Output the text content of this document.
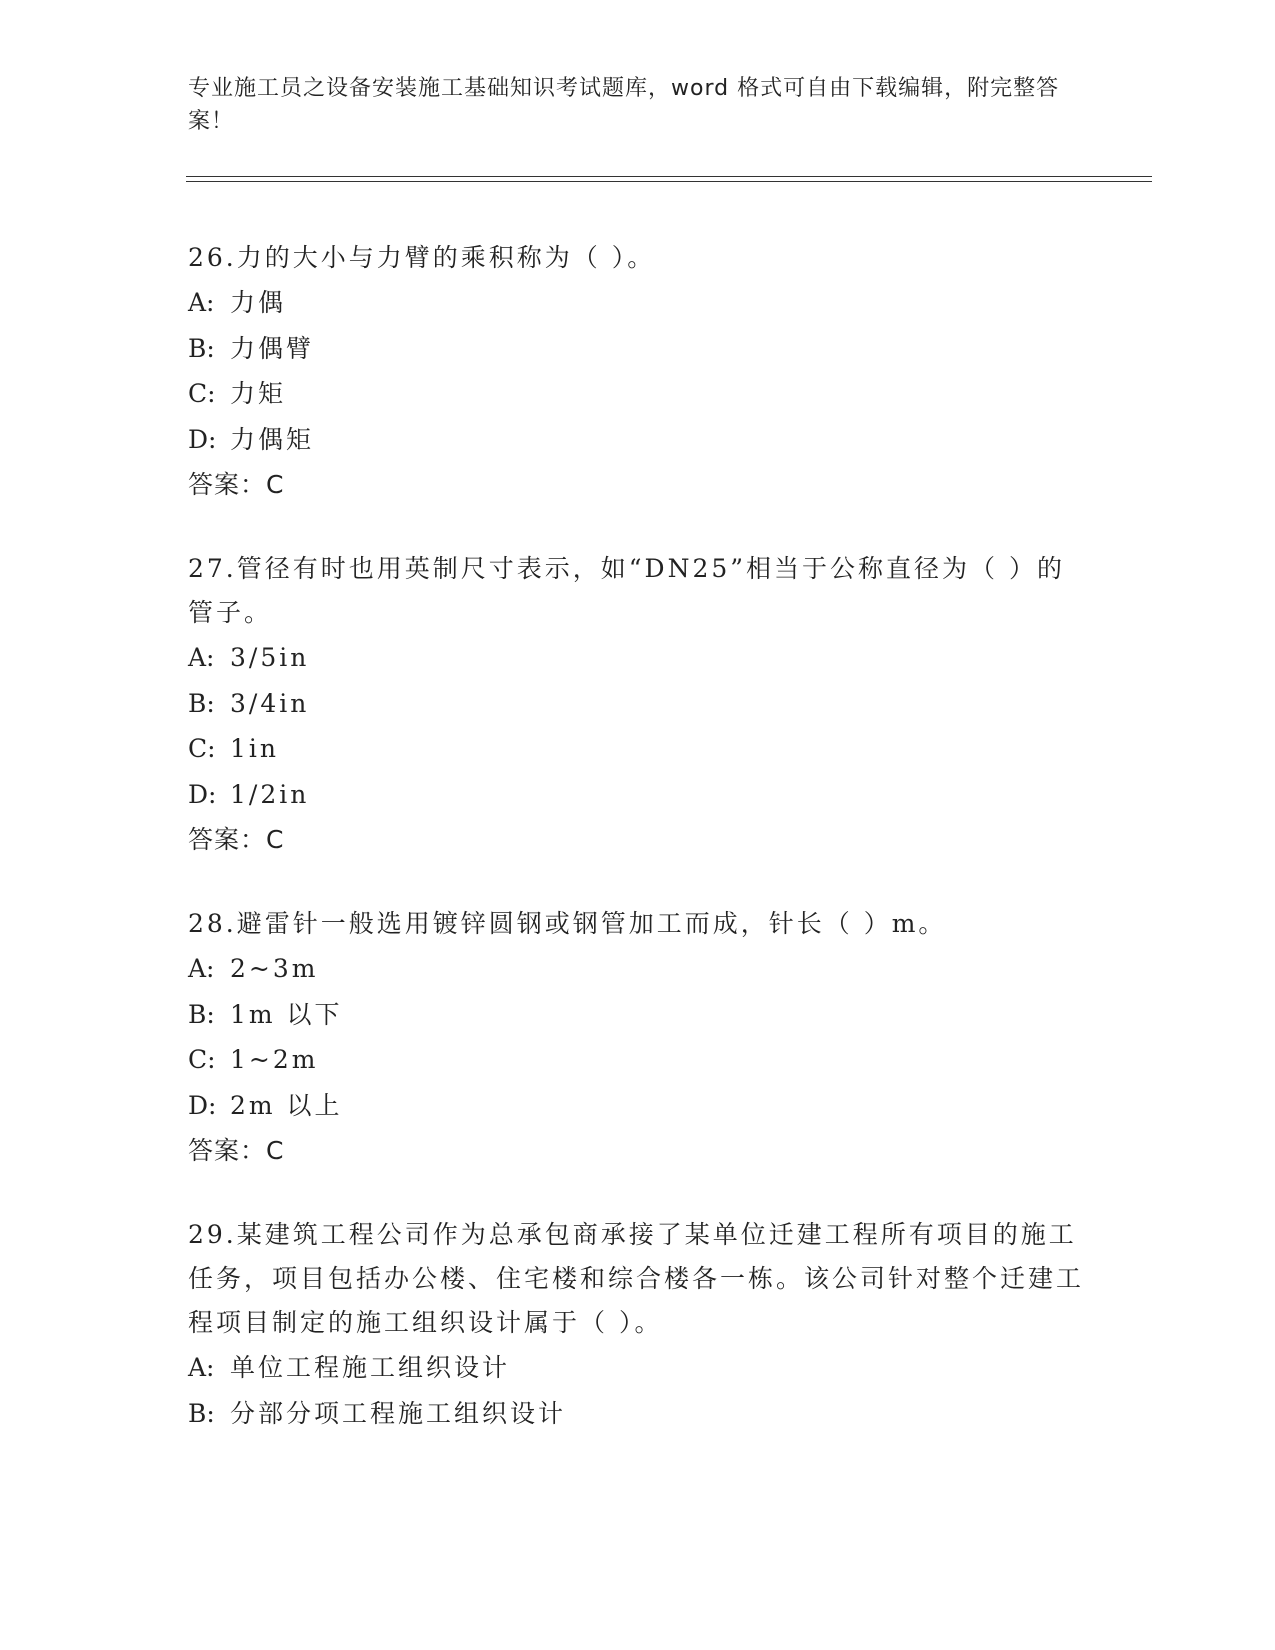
专业施工员之设备安装施工基础知识考试题库，word 格式可自由下载编辑，附完整答案！

26.力的大小与力臂的乘积称为（ ）。

A: 力偶

B: 力偶臂

C: 力矩

D: 力偶矩

答案：C

27.管径有时也用英制尺寸表示，如“DN25”相当于公称直径为（ ）的管子。

A: 3/5in

B: 3/4in

C: 1in

D: 1/2in

答案：C

28.避雷针一般选用镀锌圆钢或钢管加工而成，针长（ ）m。

A: 2~3m

B: 1m 以下

C: 1~2m

D: 2m 以上

答案：C

29.某建筑工程公司作为总承包商承接了某单位迁建工程所有项目的施工任务，项目包括办公楼、住宅楼和综合楼各一栋。该公司针对整个迁建工程项目制定的施工组织设计属于（ ）。

A: 单位工程施工组织设计

B: 分部分项工程施工组织设计
